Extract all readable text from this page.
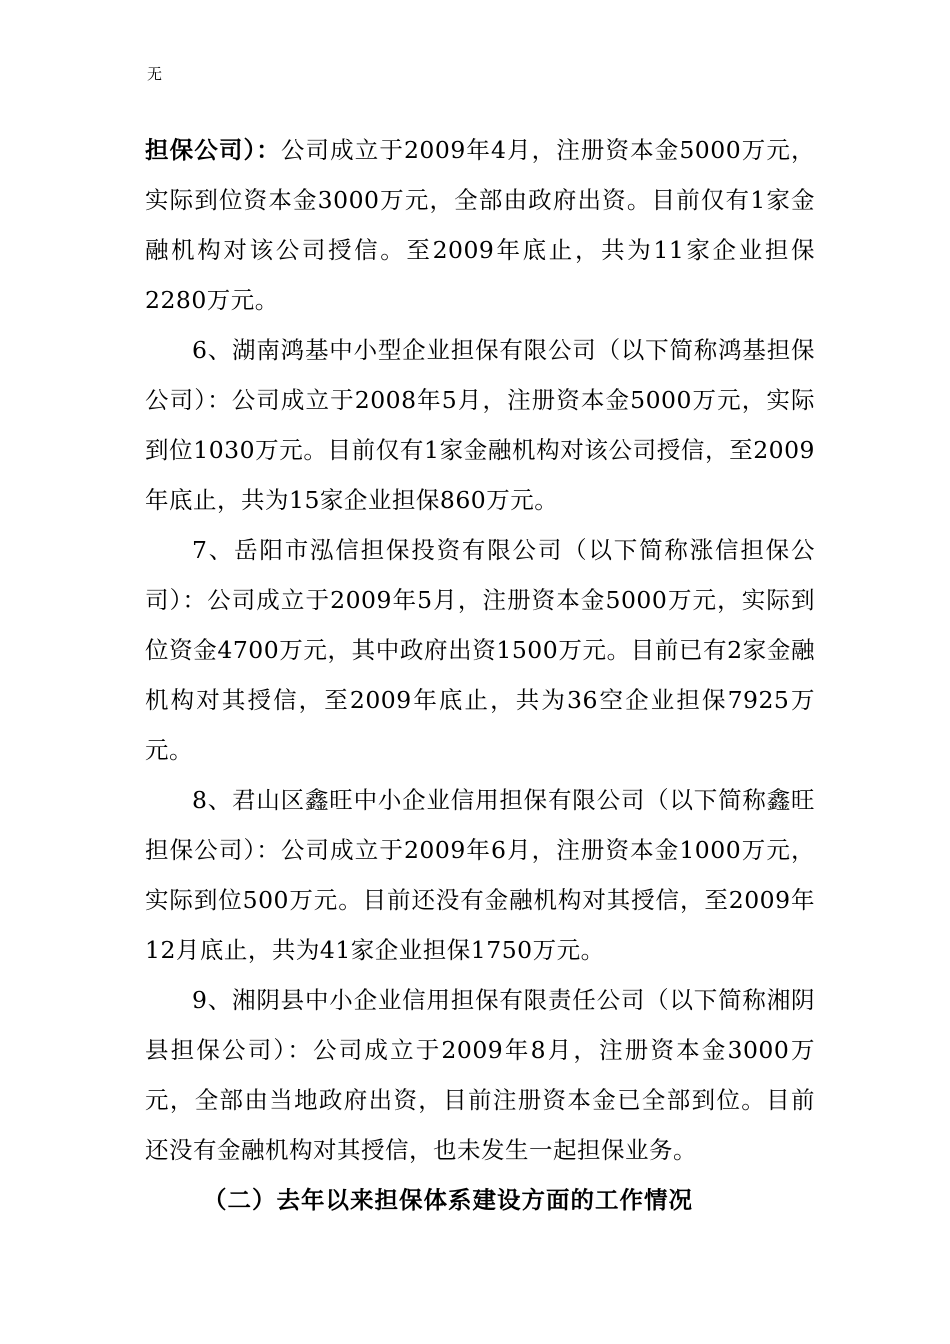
无

担保公司）：公司成立于2009年4月，注册资本金5000万元，实际到位资本金3000万元，全部由政府出资。目前仅有1家金融机构对该公司授信。至2009年底止，共为11家企业担保2280万元。

6、湖南鸿基中小型企业担保有限公司（以下简称鸿基担保公司）：公司成立于2008年5月，注册资本金5000万元，实际到位1030万元。目前仅有1家金融机构对该公司授信，至2009年底止，共为15家企业担保860万元。

7、岳阳市泓信担保投资有限公司（以下简称涨信担保公司）：公司成立于2009年5月，注册资本金5000万元，实际到位资金4700万元，其中政府出资1500万元。目前已有2家金融机构对其授信，至2009年底止，共为36空企业担保7925万元。

8、君山区鑫旺中小企业信用担保有限公司（以下简称鑫旺担保公司）：公司成立于2009年6月，注册资本金1000万元，实际到位500万元。目前还没有金融机构对其授信，至2009年12月底止，共为41家企业担保1750万元。

9、湘阴县中小企业信用担保有限责任公司（以下简称湘阴县担保公司）：公司成立于2009年8月，注册资本金3000万元，全部由当地政府出资，目前注册资本金已全部到位。目前还没有金融机构对其授信，也未发生一起担保业务。

（二）去年以来担保体系建设方面的工作情况
